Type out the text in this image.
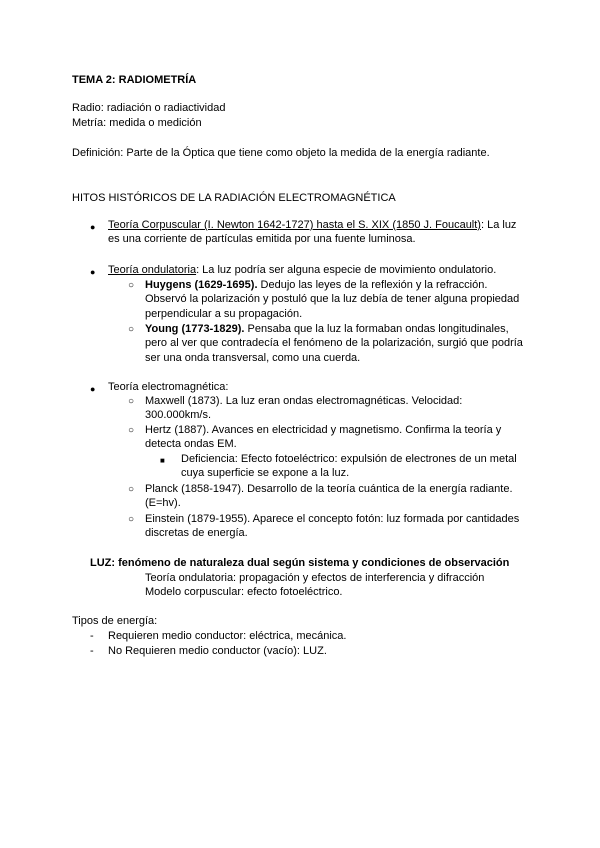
TEMA 2: RADIOMETRÍA
Radio: radiación o radiactividad
Metría: medida o medición
Definición: Parte de la Óptica que tiene como objeto la medida de la energía radiante.
HITOS HISTÓRICOS DE LA RADIACIÓN ELECTROMAGNÉTICA
● Teoría Corpuscular (I. Newton 1642-1727) hasta el S. XIX (1850 J. Foucault): La luz es una corriente de partículas emitida por una fuente luminosa.
● Teoría ondulatoria: La luz podría ser alguna especie de movimiento ondulatorio.
○ Huygens (1629-1695). Dedujo las leyes de la reflexión y la refracción. Observó la polarización y postuló que la luz debía de tener alguna propiedad perpendicular a su propagación.
○ Young (1773-1829). Pensaba que la luz la formaban ondas longitudinales, pero al ver que contradecía el fenómeno de la polarización, surgió que podría ser una onda transversal, como una cuerda.
● Teoría electromagnética:
○ Maxwell (1873). La luz eran ondas electromagnéticas. Velocidad: 300.000km/s.
○ Hertz (1887). Avances en electricidad y magnetismo. Confirma la teoría y detecta ondas EM.
■ Deficiencia: Efecto fotoeléctrico: expulsión de electrones de un metal cuya superficie se expone a la luz.
○ Planck (1858-1947). Desarrollo de la teoría cuántica de la energía radiante. (E=hv).
○ Einstein (1879-1955). Aparece el concepto fotón: luz formada por cantidades discretas de energía.
LUZ: fenómeno de naturaleza dual según sistema y condiciones de observación
Teoría ondulatoria: propagación y efectos de interferencia y difracción
Modelo corpuscular: efecto fotoeléctrico.
Tipos de energía:
- Requieren medio conductor: eléctrica, mecánica.
- No Requieren medio conductor (vacío): LUZ.
